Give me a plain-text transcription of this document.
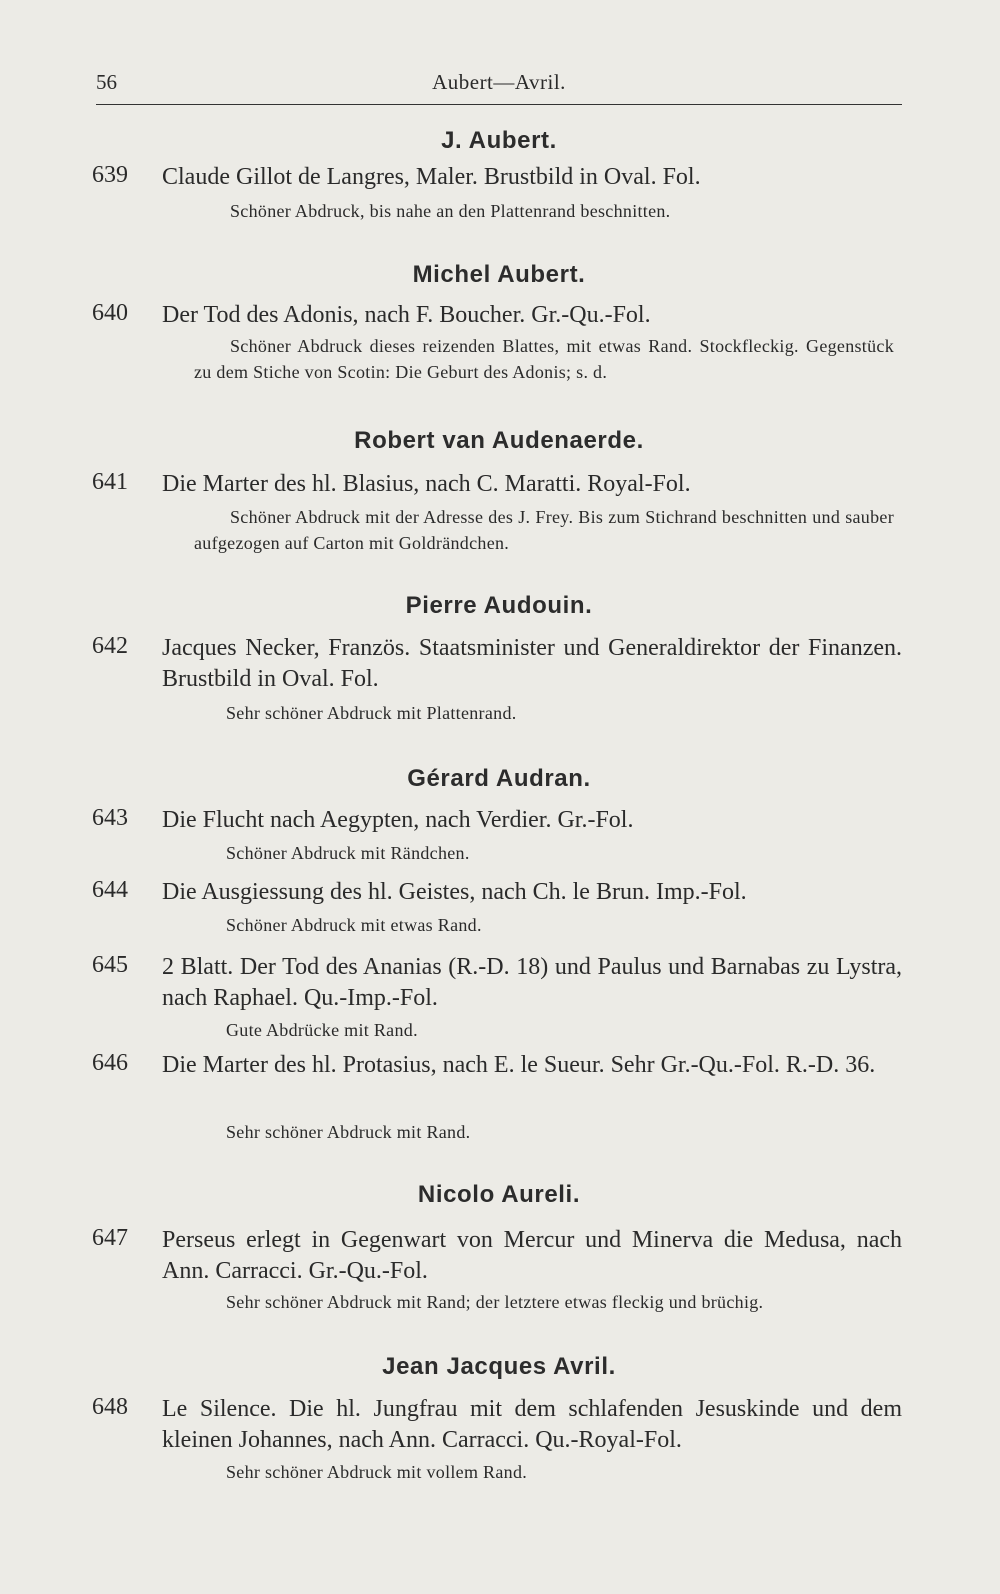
56	Aubert—Avril.
J. Aubert.
639 Claude Gillot de Langres, Maler. Brustbild in Oval. Fol.
Schöner Abdruck, bis nahe an den Plattenrand beschnitten.
Michel Aubert.
640 Der Tod des Adonis, nach F. Boucher. Gr.-Qu.-Fol.
Schöner Abdruck dieses reizenden Blattes, mit etwas Rand. Stockfleckig. Gegenstück zu dem Stiche von Scotin: Die Geburt des Adonis; s. d.
Robert van Audenaerde.
641 Die Marter des hl. Blasius, nach C. Maratti. Royal-Fol.
Schöner Abdruck mit der Adresse des J. Frey. Bis zum Stichrand beschnitten und sauber aufgezogen auf Carton mit Goldrändchen.
Pierre Audouin.
642 Jacques Necker, Französ. Staatsminister und Generaldirektor der Finanzen. Brustbild in Oval. Fol.
Sehr schöner Abdruck mit Plattenrand.
Gérard Audran.
643 Die Flucht nach Aegypten, nach Verdier. Gr.-Fol.
Schöner Abdruck mit Rändchen.
644 Die Ausgiessung des hl. Geistes, nach Ch. le Brun. Imp.-Fol.
Schöner Abdruck mit etwas Rand.
645 2 Blatt. Der Tod des Ananias (R.-D. 18) und Paulus und Barnabas zu Lystra, nach Raphael. Qu.-Imp.-Fol.
Gute Abdrücke mit Rand.
646 Die Marter des hl. Protasius, nach E. le Sueur. Sehr Gr.-Qu.-Fol. R.-D. 36.
Sehr schöner Abdruck mit Rand.
Nicolo Aureli.
647 Perseus erlegt in Gegenwart von Mercur und Minerva die Medusa, nach Ann. Carracci. Gr.-Qu.-Fol.
Sehr schöner Abdruck mit Rand; der letztere etwas fleckig und brüchig.
Jean Jacques Avril.
648 Le Silence. Die hl. Jungfrau mit dem schlafenden Jesuskinde und dem kleinen Johannes, nach Ann. Carracci. Qu.-Royal-Fol.
Sehr schöner Abdruck mit vollem Rand.
